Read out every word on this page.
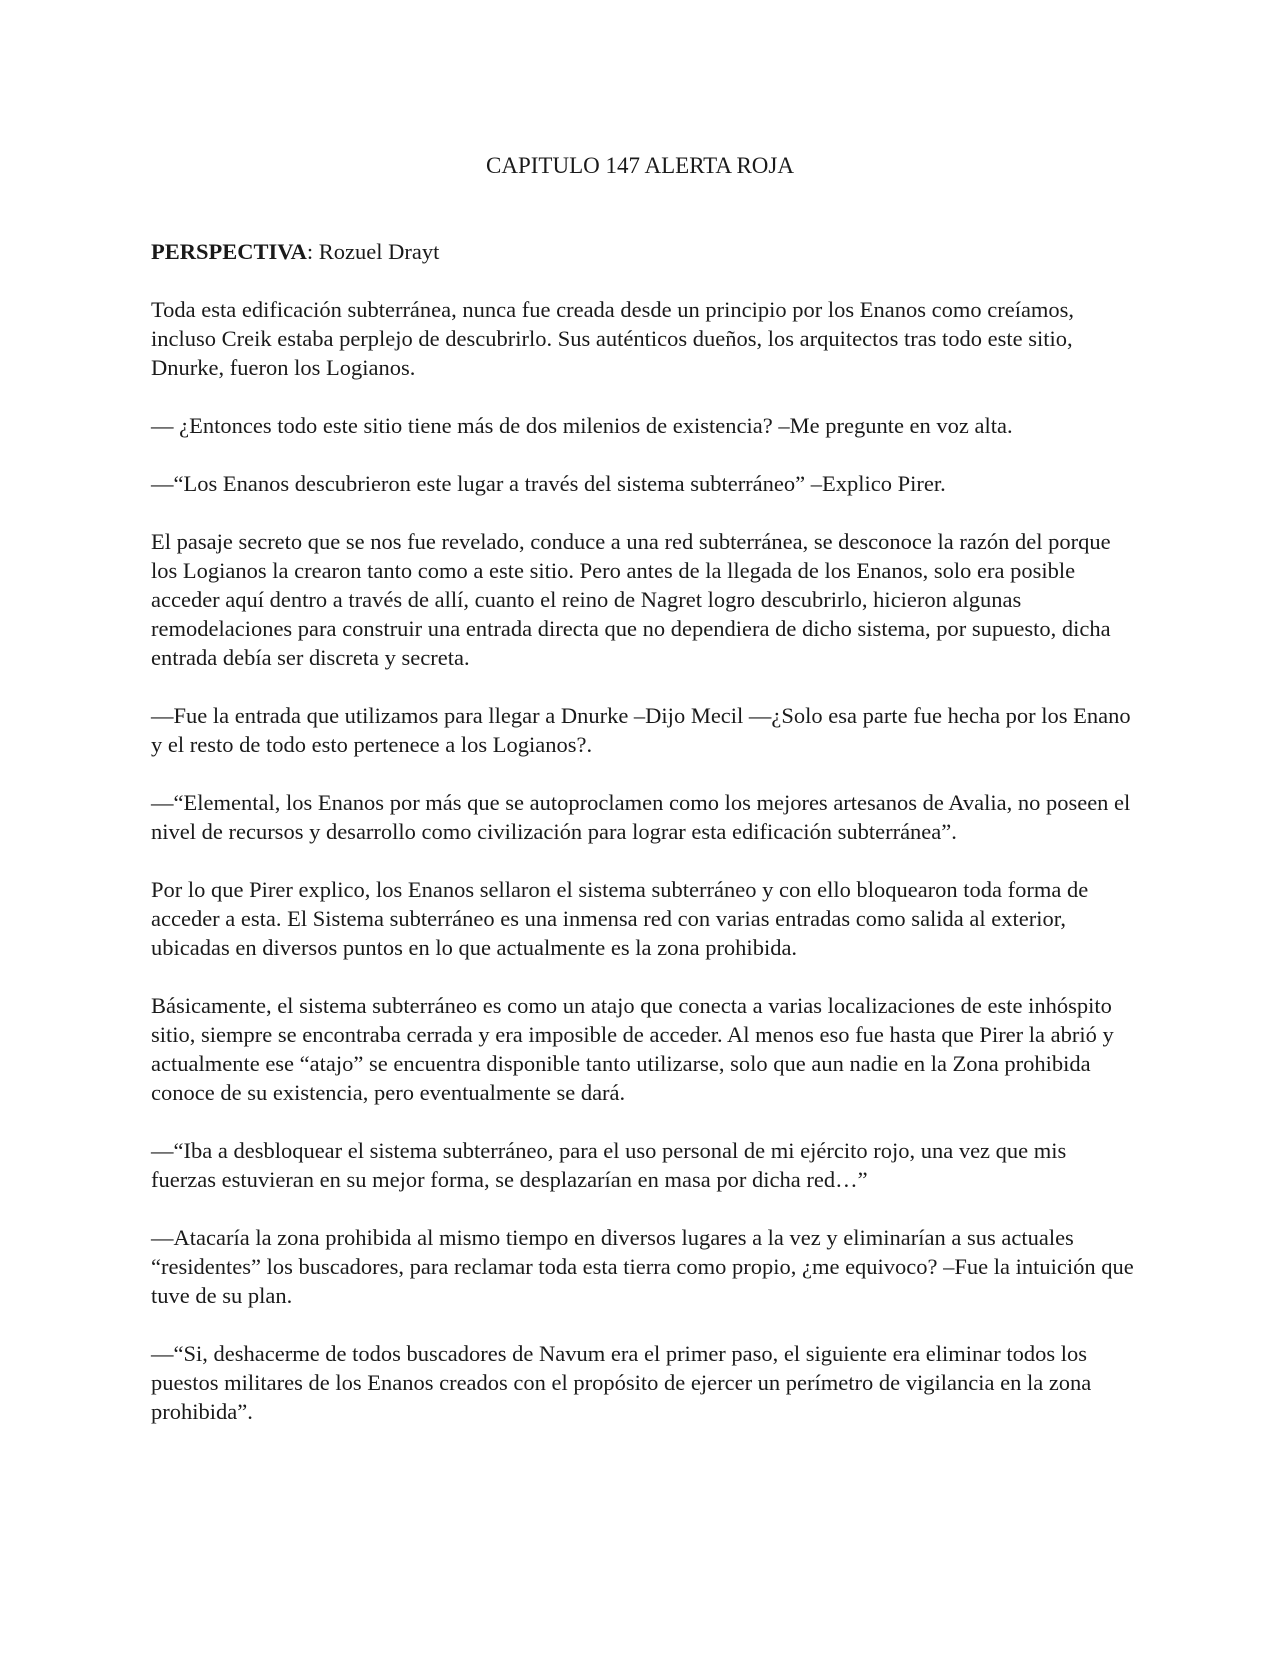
CAPITULO 147 ALERTA ROJA

PERSPECTIVA: Rozuel Drayt

Toda esta edificación subterránea, nunca fue creada desde un principio por los Enanos como creíamos, incluso Creik estaba perplejo de descubrirlo. Sus auténticos dueños, los arquitectos tras todo este sitio, Dnurke, fueron los Logianos.

— ¿Entonces todo este sitio tiene más de dos milenios de existencia? –Me pregunte en voz alta.

—“Los Enanos descubrieron este lugar a través del sistema subterráneo” –Explico Pirer.

El pasaje secreto que se nos fue revelado, conduce a una red subterránea, se desconoce la razón del porque los Logianos la crearon tanto como a este sitio. Pero antes de la llegada de los Enanos, solo era posible acceder aquí dentro a través de allí, cuanto el reino de Nagret logro descubrirlo, hicieron algunas remodelaciones para construir una entrada directa que no dependiera de dicho sistema, por supuesto, dicha entrada debía ser discreta y secreta.

—Fue la entrada que utilizamos para llegar a Dnurke –Dijo Mecil —¿Solo esa parte fue hecha por los Enano y el resto de todo esto pertenece a los Logianos?.

—“Elemental, los Enanos por más que se autoproclamen como los mejores artesanos de Avalia, no poseen el nivel de recursos y desarrollo como civilización para lograr esta edificación subterránea”.

Por lo que Pirer explico, los Enanos sellaron el sistema subterráneo y con ello bloquearon toda forma de acceder a esta. El Sistema subterráneo es una inmensa red con varias entradas como salida al exterior, ubicadas en diversos puntos en lo que actualmente es la zona prohibida.

Básicamente, el sistema subterráneo es como un atajo que conecta a varias localizaciones de este inhóspito sitio, siempre se encontraba cerrada y era imposible de acceder. Al menos eso fue hasta que Pirer la abrió y actualmente ese “atajo” se encuentra disponible tanto utilizarse, solo que aun nadie en la Zona prohibida conoce de su existencia, pero eventualmente se dará.

—“Iba a desbloquear el sistema subterráneo, para el uso personal de mi ejército rojo, una vez que mis fuerzas estuvieran en su mejor forma, se desplazarían en masa por dicha red…”

—Atacaría la zona prohibida al mismo tiempo en diversos lugares a la vez y eliminarían a sus actuales “residentes” los buscadores, para reclamar toda esta tierra como propio, ¿me equivoco? –Fue la intuición que tuve de su plan.

—“Si, deshacerme de todos buscadores de Navum era el primer paso, el siguiente era eliminar todos los puestos militares de los Enanos creados con el propósito de ejercer un perímetro de vigilancia en la zona prohibida”.
